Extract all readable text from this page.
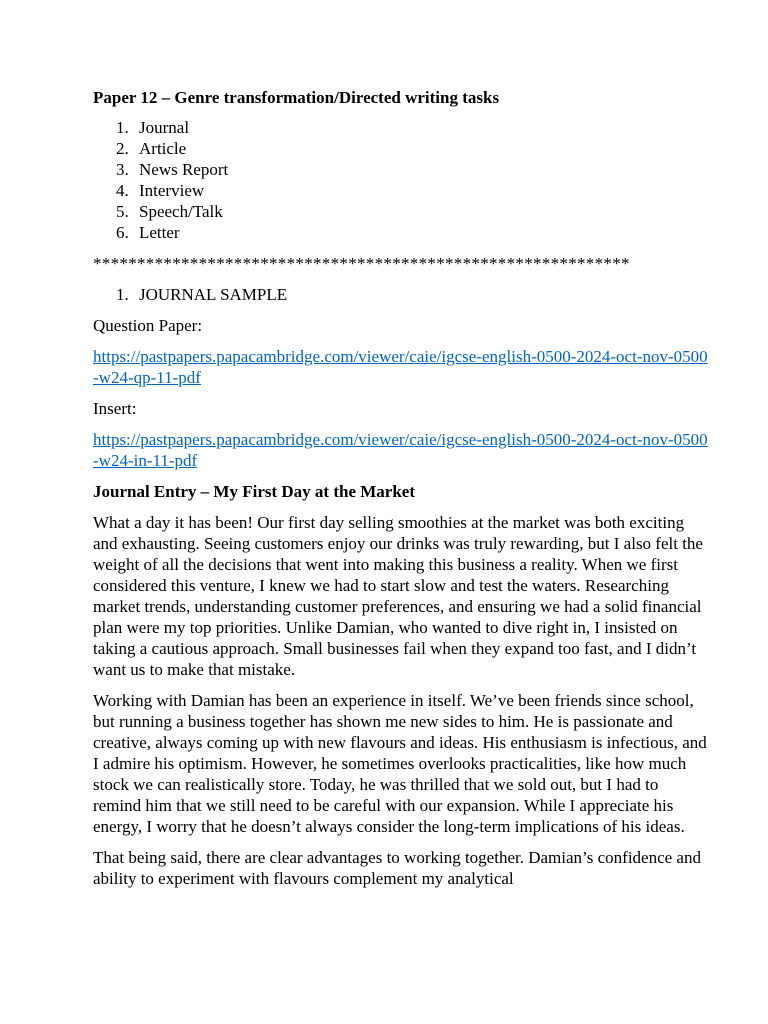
Paper 12 – Genre transformation/Directed writing tasks
1. Journal
2. Article
3. News Report
4. Interview
5. Speech/Talk
6. Letter
*************************************************************
1. JOURNAL SAMPLE

Question Paper:

https://pastpapers.papacambridge.com/viewer/caie/igcse-english-0500-2024-oct-nov-0500-w24-qp-11-pdf

Insert:

https://pastpapers.papacambridge.com/viewer/caie/igcse-english-0500-2024-oct-nov-0500-w24-in-11-pdf

Journal Entry – My First Day at the Market

What a day it has been! Our first day selling smoothies at the market was both exciting and exhausting. Seeing customers enjoy our drinks was truly rewarding, but I also felt the weight of all the decisions that went into making this business a reality. When we first considered this venture, I knew we had to start slow and test the waters. Researching market trends, understanding customer preferences, and ensuring we had a solid financial plan were my top priorities. Unlike Damian, who wanted to dive right in, I insisted on taking a cautious approach. Small businesses fail when they expand too fast, and I didn’t want us to make that mistake.

Working with Damian has been an experience in itself. We’ve been friends since school, but running a business together has shown me new sides to him. He is passionate and creative, always coming up with new flavours and ideas. His enthusiasm is infectious, and I admire his optimism. However, he sometimes overlooks practicalities, like how much stock we can realistically store. Today, he was thrilled that we sold out, but I had to remind him that we still need to be careful with our expansion. While I appreciate his energy, I worry that he doesn’t always consider the long-term implications of his ideas.

That being said, there are clear advantages to working together. Damian’s confidence and ability to experiment with flavours complement my analytical
